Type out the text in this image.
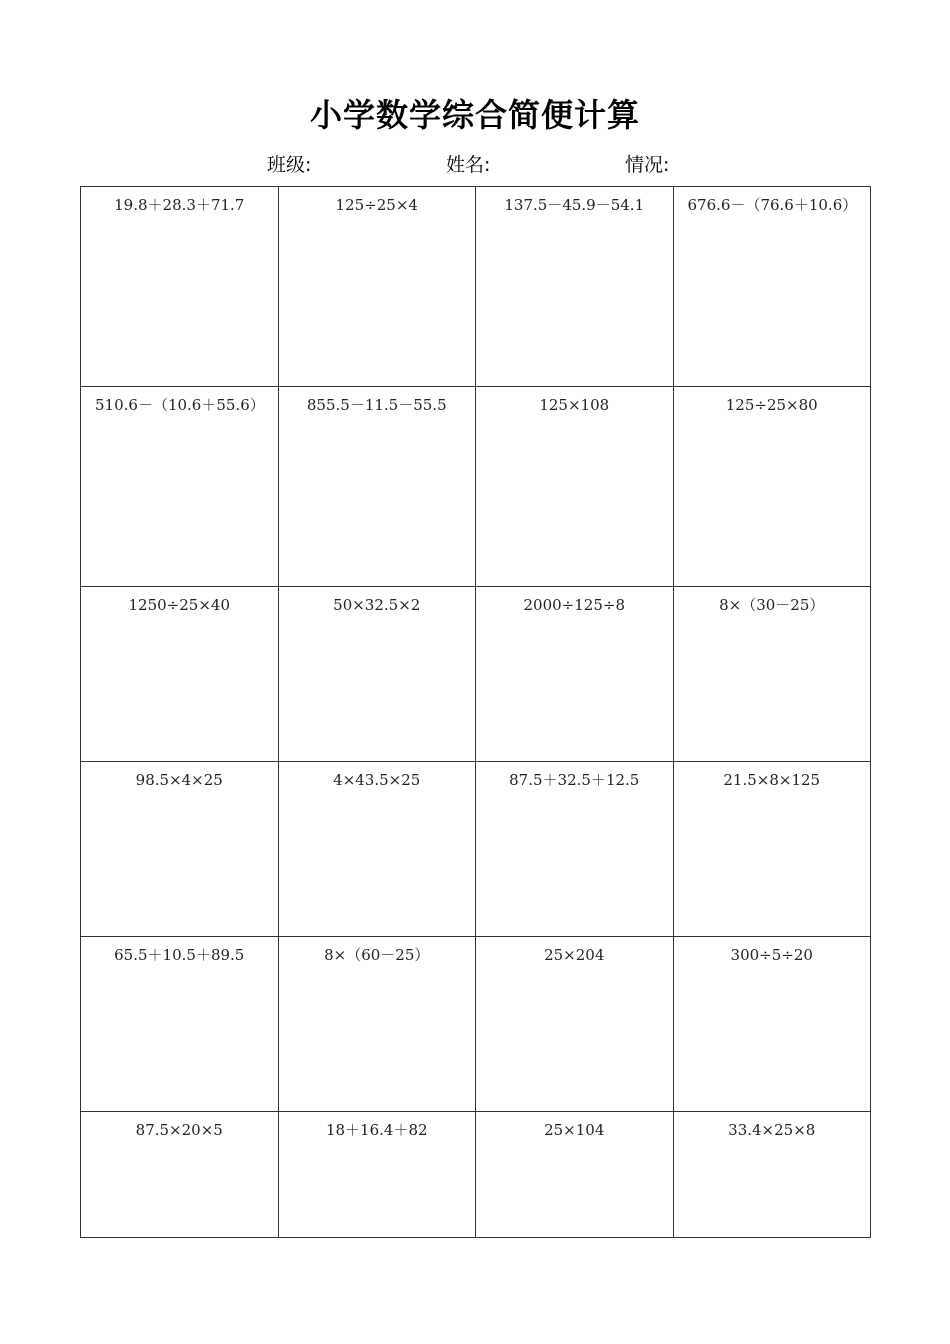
小学数学综合简便计算
班级:	姓名:	情况:
19.8＋28.3＋71.7	125÷25×4	137.5－45.9－54.1	676.6－（76.6＋10.6）
510.6－（10.6＋55.6）	855.5－11.5－55.5	125×108	125÷25×80
1250÷25×40	50×32.5×2	2000÷125÷8	8×（30－25）
98.5×4×25	4×43.5×25	87.5＋32.5＋12.5	21.5×8×125
65.5＋10.5＋89.5	8×（60－25）	25×204	300÷5÷20
87.5×20×5	18＋16.4＋82	25×104	33.4×25×8
